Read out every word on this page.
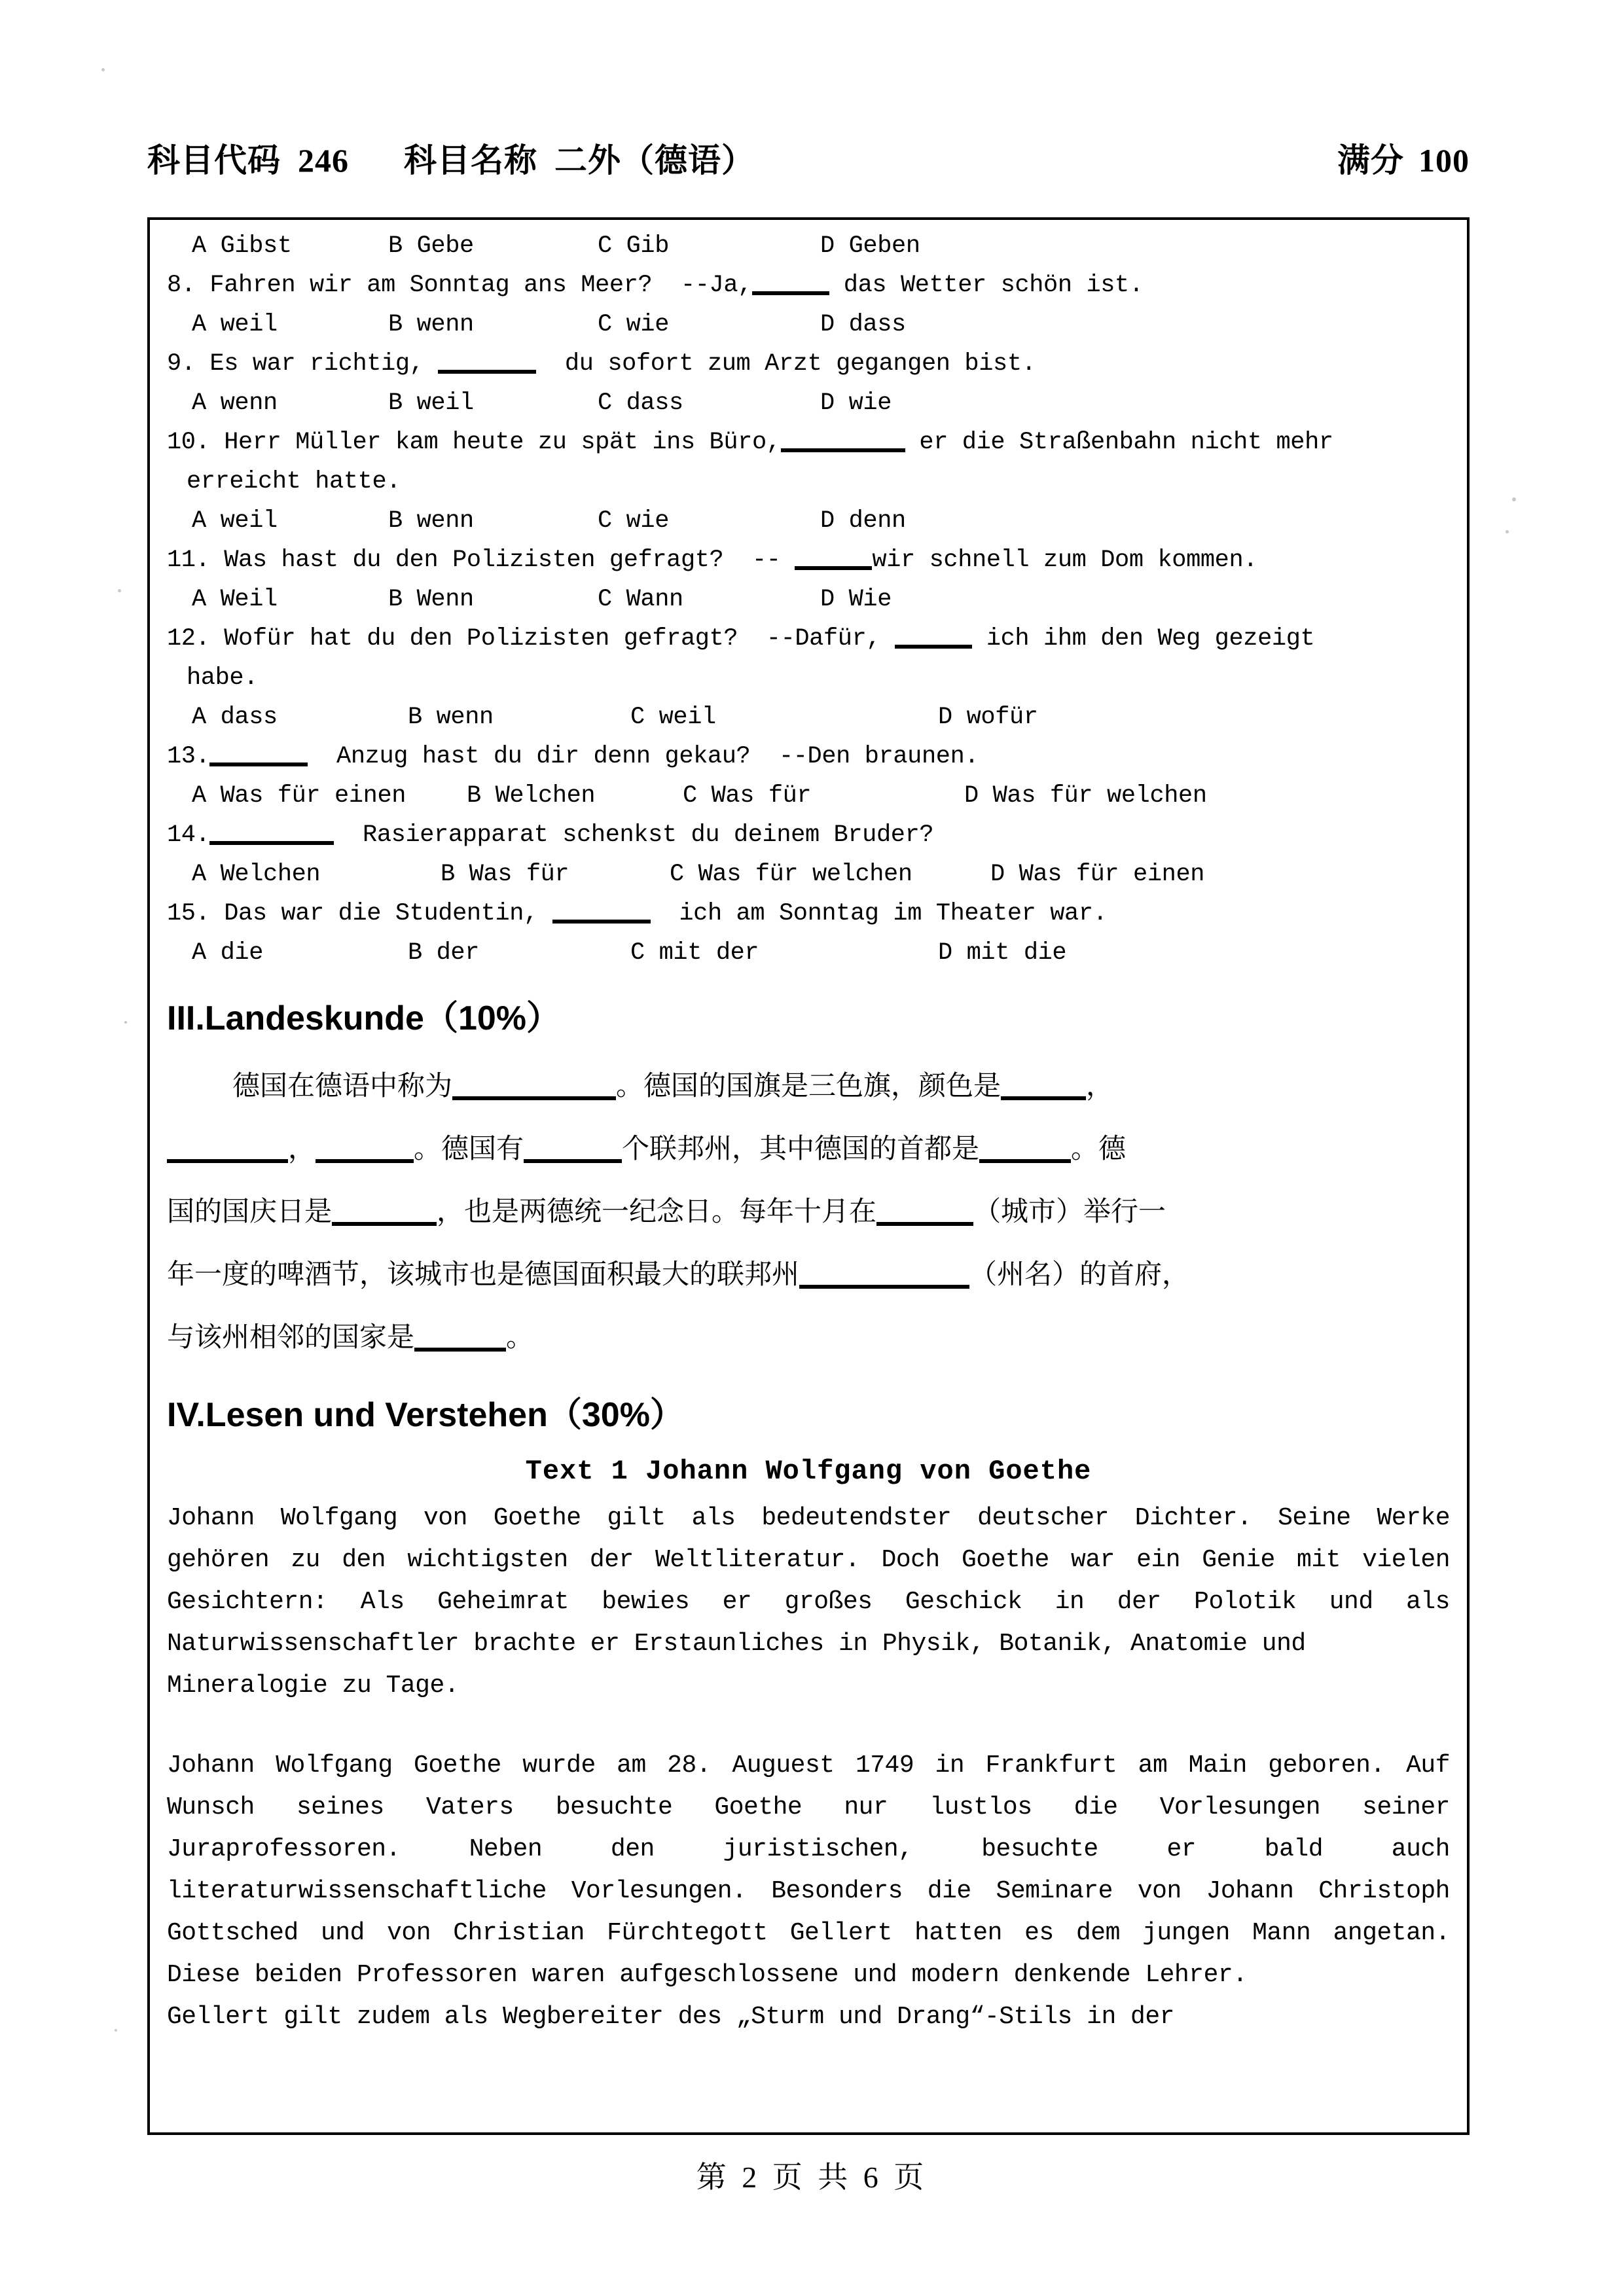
科目代码 246 科目名称 二外（德语）	满分 100
A Gibst	B Gebe	C Gib	D Geben
8. Fahren wir am Sonntag ans Meer?  --Ja,	das Wetter schön ist.
A weil	B wenn	C wie	D dass
9. Es war richtig,	du sofort zum Arzt gegangen bist.
A wenn	B weil	C dass	D wie
10. Herr Müller kam heute zu spät ins Büro,	er die Straßenbahn nicht mehr
erreicht hatte.
A weil	B wenn	C wie	D denn
11. Was hast du den Polizisten gefragt?  --	wir schnell zum Dom kommen.
A Weil	B Wenn	C Wann	D Wie
12. Wofür hat du den Polizisten gefragt?  --Dafür,	ich ihm den Weg gezeigt
habe.
A dass	B wenn	C weil	D wofür
13.	Anzug hast du dir denn gekau?  --Den braunen.
A Was für einen	B Welchen	C Was für	D Was für welchen
14.	Rasierapparat schenkst du deinem Bruder?
A Welchen	B Was für	C Was für welchen	D Was für einen
15. Das war die Studentin,	ich am Sonntag im Theater war.
A die	B der	C mit der	D mit die
III.Landeskunde（10%）
德国在德语中称为	。德国的国旗是三色旗，颜色是	，
，	。德国有	个联邦州，其中德国的首都是	。德
国的国庆日是	，也是两德统一纪念日。每年十月在	（城市）举行一
年一度的啤酒节，该城市也是德国面积最大的联邦州	（州名）的首府，
与该州相邻的国家是	。
IV.Lesen und Verstehen（30%）
Text 1 Johann Wolfgang von Goethe
Johann Wolfgang von Goethe gilt als bedeutendster deutscher Dichter. Seine Werke gehören zu den wichtigsten der Weltliteratur. Doch Goethe war ein Genie mit vielen Gesichtern: Als Geheimrat bewies er großes Geschick in der Polotik und als Naturwissenschaftler brachte er Erstaunliches in Physik, Botanik, Anatomie und
Mineralogie zu Tage.
Johann Wolfgang Goethe wurde am 28. Auguest 1749 in Frankfurt am Main geboren. Auf Wunsch seines Vaters besuchte Goethe nur lustlos die Vorlesungen seiner Juraprofessoren. Neben den juristischen, besuchte er bald auch literaturwissenschaftliche Vorlesungen. Besonders die Seminare von Johann Christoph Gottsched und von Christian Fürchtegott Gellert hatten es dem jungen Mann angetan. Diese beiden Professoren waren aufgeschlossene und modern denkende Lehrer.
Gellert gilt zudem als Wegbereiter des „Sturm und Drang“-Stils in der
第 2 页 共 6 页
